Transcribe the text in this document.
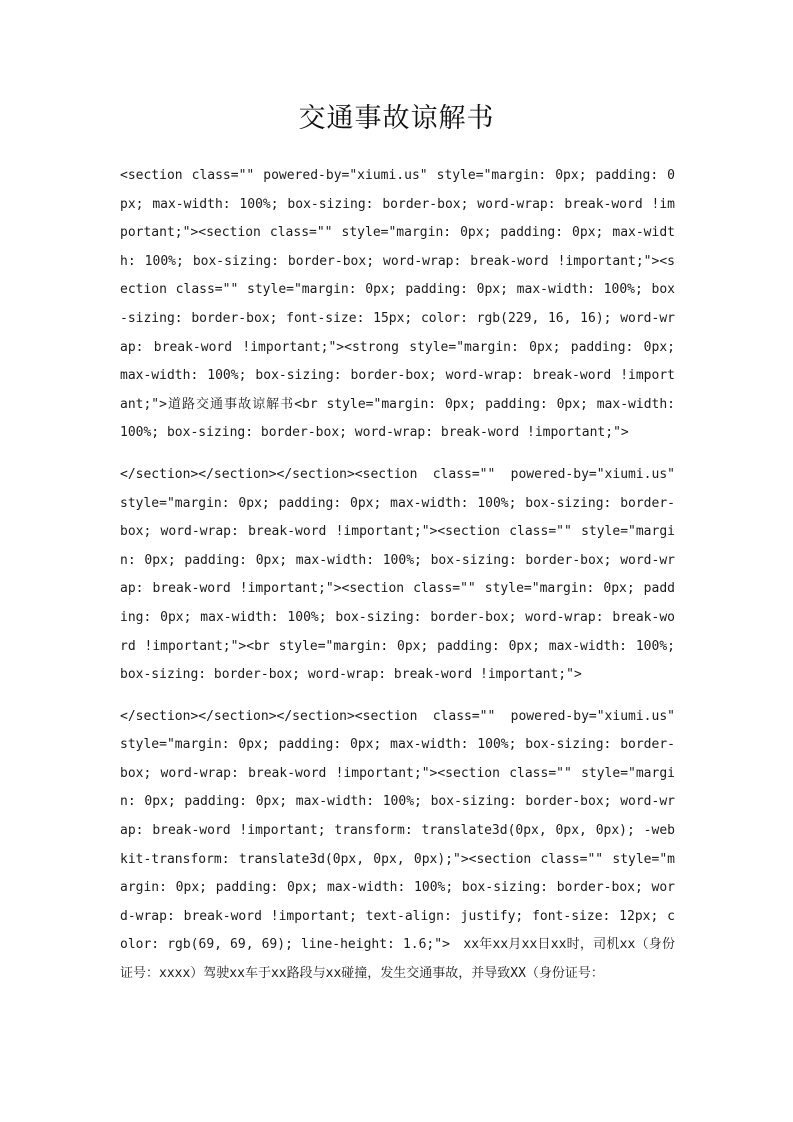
交通事故谅解书

<section class="" powered-by="xiumi.us" style="margin: 0px; padding: 0px; max-width: 100%; box-sizing: border-box; word-wrap: break-word !important;"><section class="" style="margin: 0px; padding: 0px; max-width: 100%; box-sizing: border-box; word-wrap: break-word !important;"><section class="" style="margin: 0px; padding: 0px; max-width: 100%; box-sizing: border-box; font-size: 15px; color: rgb(229, 16, 16); word-wrap: break-word !important;"><strong style="margin: 0px; padding: 0px; max-width: 100%; box-sizing: border-box; word-wrap: break-word !important;">道路交通事故谅解书<br style="margin: 0px; padding: 0px; max-width: 100%; box-sizing: border-box; word-wrap: break-word !important;">

</section></section></section><section class="" powered-by="xiumi.us" style="margin: 0px; padding: 0px; max-width: 100%; box-sizing: border-box; word-wrap: break-word !important;"><section class="" style="margin: 0px; padding: 0px; max-width: 100%; box-sizing: border-box; word-wrap: break-word !important;"><section class="" style="margin: 0px; padding: 0px; max-width: 100%; box-sizing: border-box; word-wrap: break-word !important;"><br style="margin: 0px; padding: 0px; max-width: 100%; box-sizing: border-box; word-wrap: break-word !important;">

</section></section></section><section class="" powered-by="xiumi.us" style="margin: 0px; padding: 0px; max-width: 100%; box-sizing: border-box; word-wrap: break-word !important;"><section class="" style="margin: 0px; padding: 0px; max-width: 100%; box-sizing: border-box; word-wrap: break-word !important; transform: translate3d(0px, 0px, 0px); -webkit-transform: translate3d(0px, 0px, 0px);"><section class="" style="margin: 0px; padding: 0px; max-width: 100%; box-sizing: border-box; word-wrap: break-word !important; text-align: justify; font-size: 12px; color: rgb(69, 69, 69); line-height: 1.6;">　xx年xx月xx日xx时，司机xx（身份证号：xxxx）驾驶xx车于xx路段与xx碰撞，发生交通事故，并导致XX（身份证号：
